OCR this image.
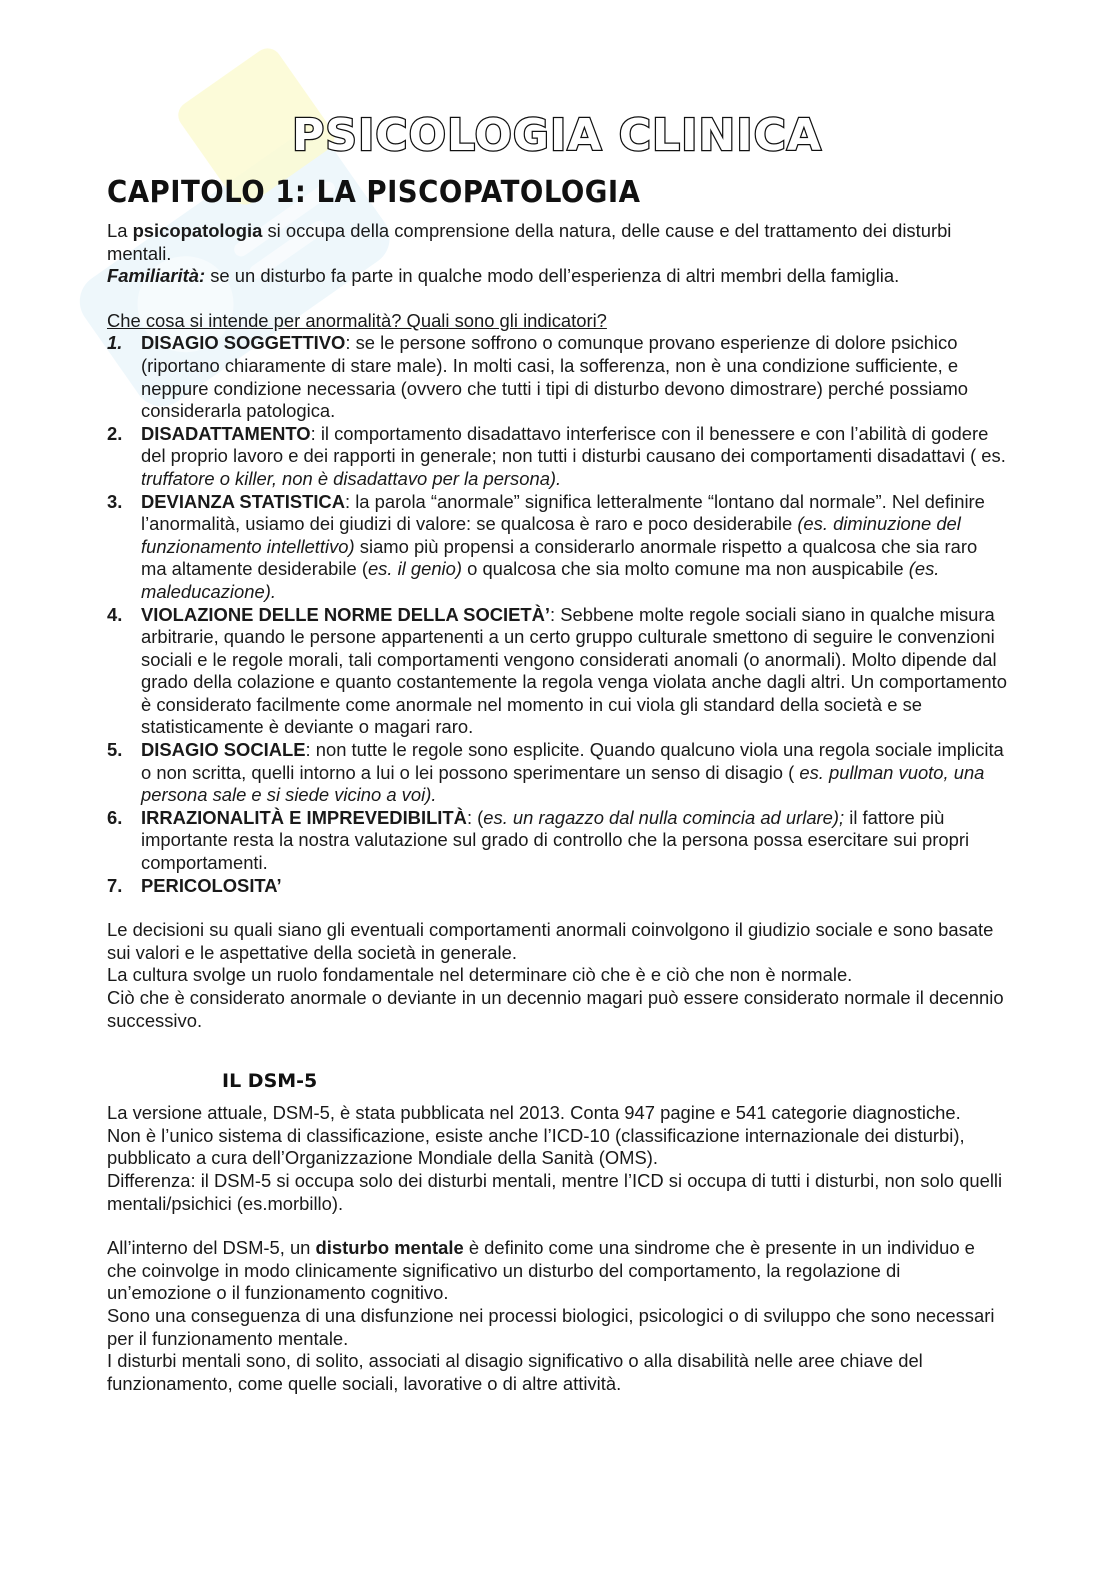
PSICOLOGIA CLINICA
CAPITOLO 1: LA PISCOPATOLOGIA

La psicopatologia si occupa della comprensione della natura, delle cause e del trattamento dei disturbi mentali.

Familiarità: se un disturbo fa parte in qualche modo dell’esperienza di altri membri della famiglia.

Che cosa si intende per anormalità? Quali sono gli indicatori?

1. DISAGIO SOGGETTIVO: se le persone soffrono o comunque provano esperienze di dolore psichico (riportano chiaramente di stare male). In molti casi, la sofferenza, non è una condizione sufficiente, e neppure condizione necessaria (ovvero che tutti i tipi di disturbo devono dimostrare) perché possiamo considerarla patologica.
2. DISADATTAMENTO: il comportamento disadattavo interferisce con il benessere e con l’abilità di godere del proprio lavoro e dei rapporti in generale; non tutti i disturbi causano dei comportamenti disadattavi ( es. truffatore o killer, non è disadattavo per la persona).
3. DEVIANZA STATISTICA: la parola “anormale” significa letteralmente “lontano dal normale”. Nel definire l’anormalità, usiamo dei giudizi di valore: se qualcosa è raro e poco desiderabile (es. diminuzione del funzionamento intellettivo) siamo più propensi a considerarlo anormale rispetto a qualcosa che sia raro ma altamente desiderabile (es. il genio) o qualcosa che sia molto comune ma non auspicabile (es. maleducazione).
4. VIOLAZIONE DELLE NORME DELLA SOCIETÀ’: Sebbene molte regole sociali siano in qualche misura arbitrarie, quando le persone appartenenti a un certo gruppo culturale smettono di seguire le convenzioni sociali e le regole morali, tali comportamenti vengono considerati anomali (o anormali). Molto dipende dal grado della colazione e quanto costantemente la regola venga violata anche dagli altri. Un comportamento è considerato facilmente come anormale nel momento in cui viola gli standard della società e se statisticamente è deviante o magari raro.
5. DISAGIO SOCIALE: non tutte le regole sono esplicite. Quando qualcuno viola una regola sociale implicita o non scritta, quelli intorno a lui o lei possono sperimentare un senso di disagio ( es. pullman vuoto, una persona sale e si siede vicino a voi).
6. IRRAZIONALITÀ E IMPREVEDIBILITÀ: (es. un ragazzo dal nulla comincia ad urlare); il fattore più importante resta la nostra valutazione sul grado di controllo che la persona possa esercitare sui propri comportamenti.
7. PERICOLOSITA’

Le decisioni su quali siano gli eventuali comportamenti anormali coinvolgono il giudizio sociale e sono basate sui valori e le aspettative della società in generale.

La cultura svolge un ruolo fondamentale nel determinare ciò che è e ciò che non è normale.

Ciò che è considerato anormale o deviante in un decennio magari può essere considerato normale il decennio successivo.

IL DSM-5

La versione attuale, DSM-5, è stata pubblicata nel 2013. Conta 947 pagine e 541 categorie diagnostiche.

Non è l’unico sistema di classificazione, esiste anche l’ICD-10 (classificazione internazionale dei disturbi), pubblicato a cura dell’Organizzazione Mondiale della Sanità (OMS).

Differenza: il DSM-5 si occupa solo dei disturbi mentali, mentre l’ICD si occupa di tutti i disturbi, non solo quelli mentali/psichici (es.morbillo).

All’interno del DSM-5, un disturbo mentale è definito come una sindrome che è presente in un individuo e che coinvolge in modo clinicamente significativo un disturbo del comportamento, la regolazione di un’emozione o il funzionamento cognitivo.

Sono una conseguenza di una disfunzione nei processi biologici, psicologici o di sviluppo che sono necessari per il funzionamento mentale.

I disturbi mentali sono, di solito, associati al disagio significativo o alla disabilità nelle aree chiave del funzionamento, come quelle sociali, lavorative o di altre attività.
